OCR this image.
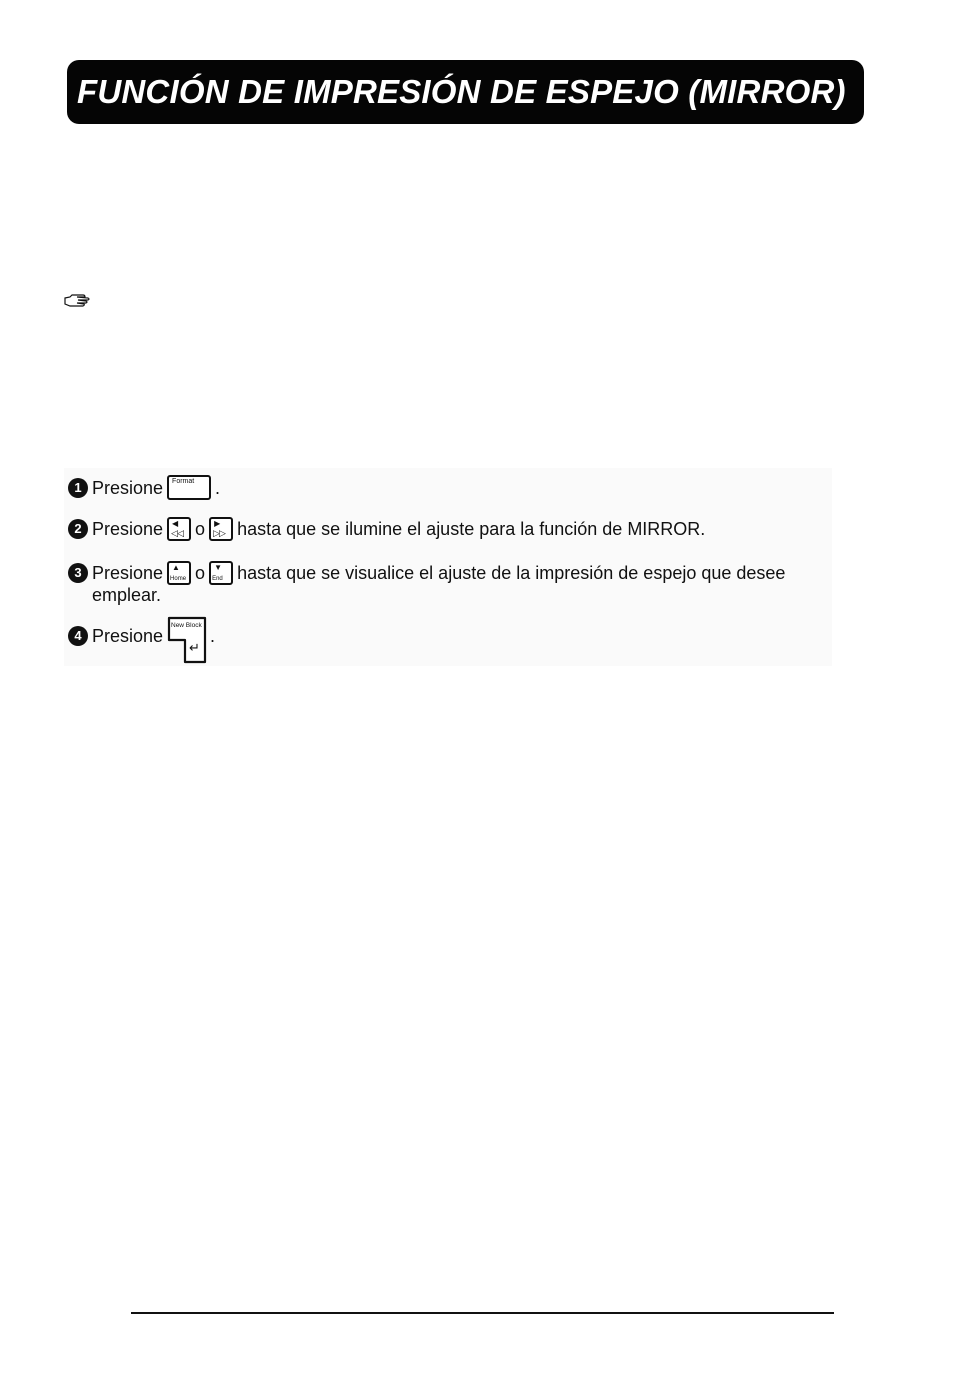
FUNCIÓN DE IMPRESIÓN DE ESPEJO (MIRROR)
1 Presione Format .
2 Presione ◀
◁◁ o ▶
▷▷ hasta que se ilumine el ajuste para la función de MIRROR.
3 Presione ▲
Home o ▼
End hasta que se visualice el ajuste de la impresión de espejo que desee
emplear.
4 Presione
New Block
↵
.
